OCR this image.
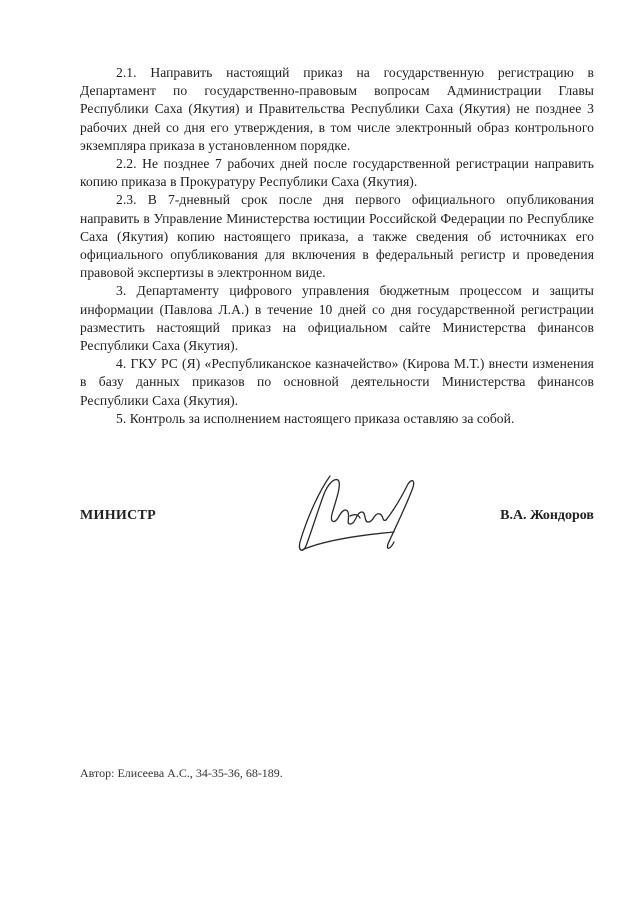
2.1. Направить настоящий приказ на государственную регистрацию в Департамент по государственно-правовым вопросам Администрации Главы Республики Саха (Якутия) и Правительства Республики Саха (Якутия) не позднее 3 рабочих дней со дня его утверждения, в том числе электронный образ контрольного экземпляра приказа в установленном порядке.

2.2. Не позднее 7 рабочих дней после государственной регистрации направить копию приказа в Прокуратуру Республики Саха (Якутия).

2.3. В 7-дневный срок после дня первого официального опубликования направить в Управление Министерства юстиции Российской Федерации по Республике Саха (Якутия) копию настоящего приказа, а также сведения об источниках его официального опубликования для включения в федеральный регистр и проведения правовой экспертизы в электронном виде.

3. Департаменту цифрового управления бюджетным процессом и защиты информации (Павлова Л.А.) в течение 10 дней со дня государственной регистрации разместить настоящий приказ на официальном сайте Министерства финансов Республики Саха (Якутия).

4. ГКУ РС (Я) «Республиканское казначейство» (Кирова М.Т.) внести изменения в базу данных приказов по основной деятельности Министерства финансов Республики Саха (Якутия).

5. Контроль за исполнением настоящего приказа оставляю за собой.

МИНИСТР	В.А. Жондоров
Автор: Елисеева А.С., 34-35-36, 68-189.
